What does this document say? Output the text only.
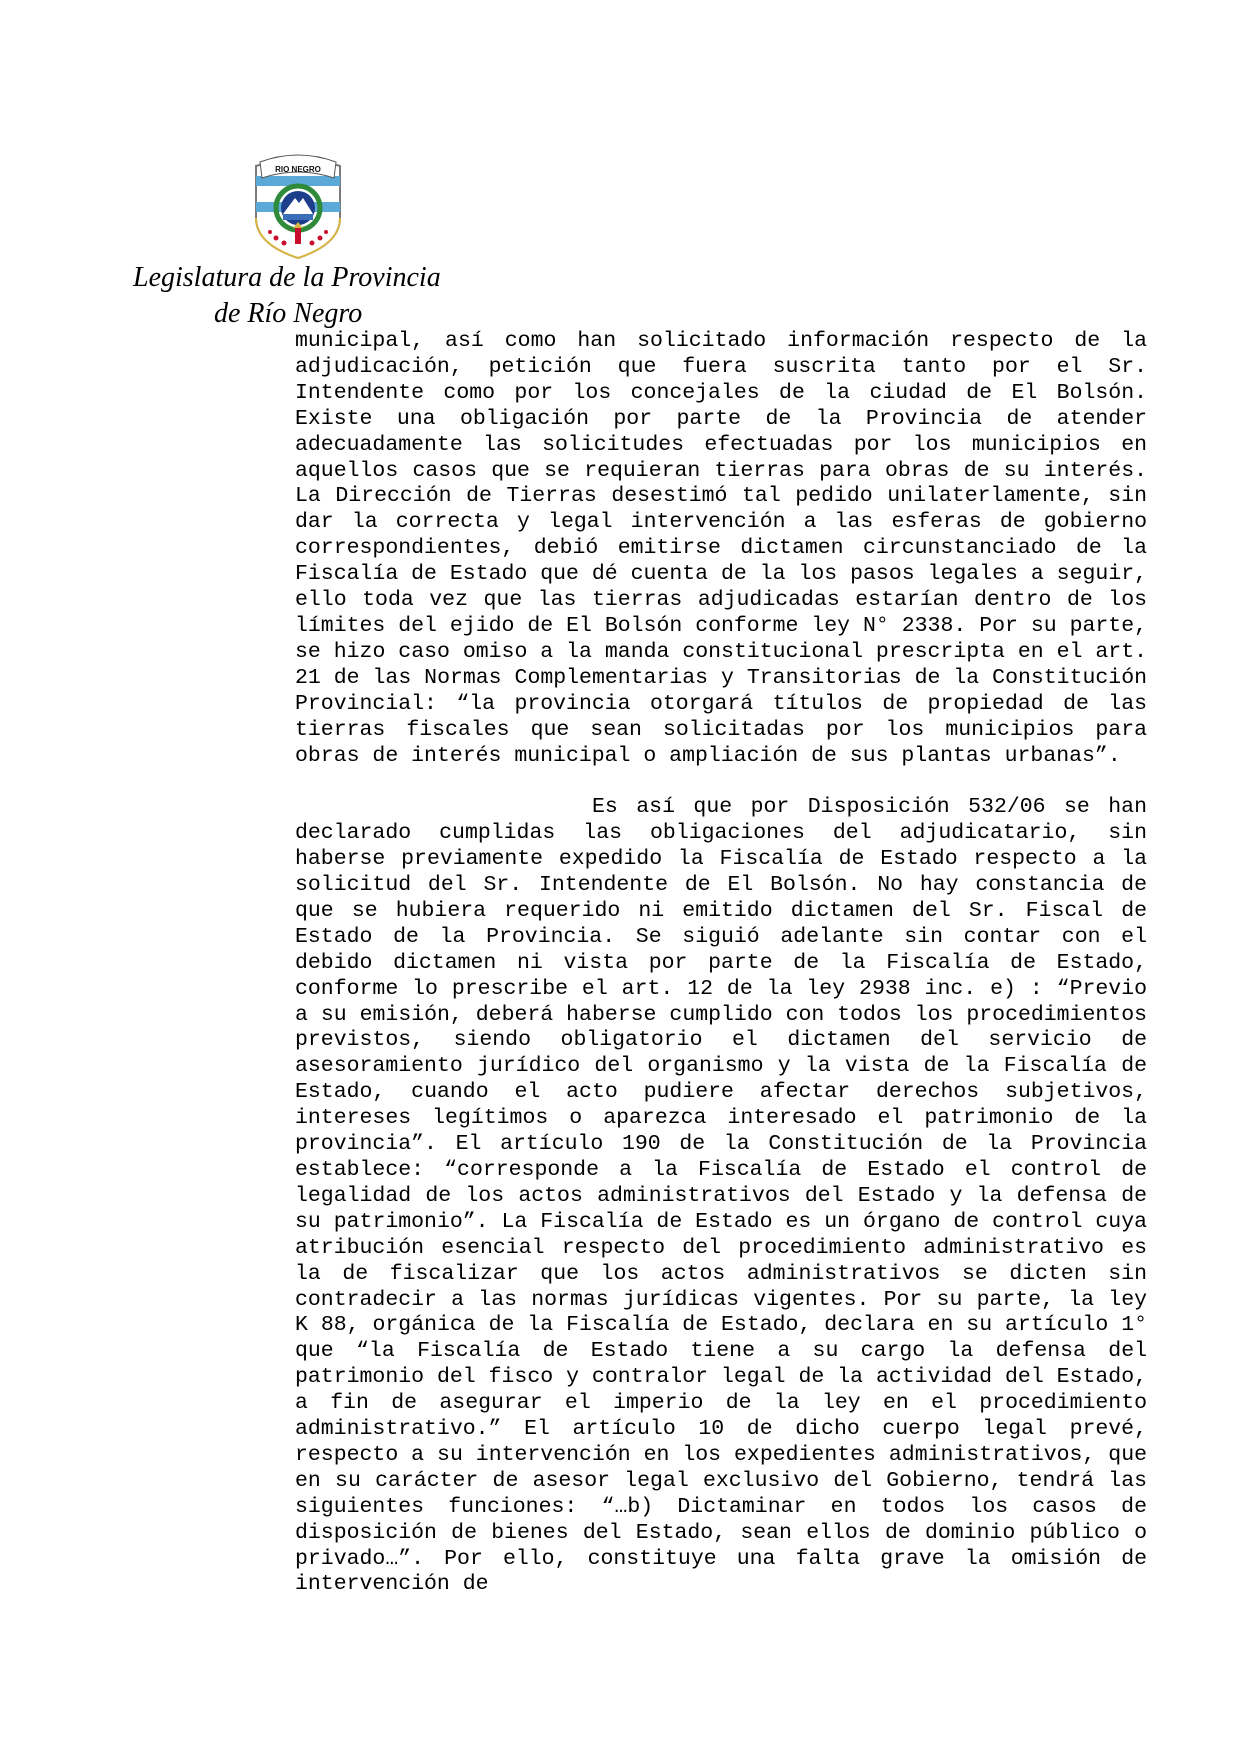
RIO NEGRO
Legislatura de la Provincia
de Río Negro

municipal, así como han solicitado información respecto de la adjudicación, petición que fuera suscrita tanto por el Sr. Intendente como por los concejales de la ciudad de El Bolsón. Existe una obligación por parte de la Provincia de atender adecuadamente las solicitudes efectuadas por los municipios en aquellos casos que se requieran tierras para obras de su interés. La Dirección de Tierras desestimó tal pedido unilaterlamente, sin dar la correcta y legal intervención a las esferas de gobierno correspondientes, debió emitirse dictamen circunstanciado de la Fiscalía de Estado que dé cuenta de la los pasos legales a seguir, ello toda vez que las tierras adjudicadas estarían dentro de los límites del ejido de El Bolsón conforme ley N° 2338. Por su parte, se hizo caso omiso a la manda constitucional prescripta en el art. 21 de las Normas Complementarias y Transitorias de la Constitución Provincial: “la provincia otorgará títulos de propiedad de las tierras fiscales que sean solicitadas por los municipios para obras de interés municipal o ampliación de sus plantas urbanas”.

Es así que por Disposición 532/06 se han declarado cumplidas las obligaciones del adjudicatario, sin haberse previamente expedido la Fiscalía de Estado respecto a la solicitud del Sr. Intendente de El Bolsón. No hay constancia de que se hubiera requerido ni emitido dictamen del Sr. Fiscal de Estado de la Provincia. Se siguió adelante sin contar con el debido dictamen ni vista por parte de la Fiscalía de Estado, conforme lo prescribe el art. 12 de la ley 2938 inc. e) : “Previo a su emisión, deberá haberse cumplido con todos los procedimientos previstos, siendo obligatorio el dictamen del servicio de asesoramiento jurídico del organismo y la vista de la Fiscalía de Estado, cuando el acto pudiere afectar derechos subjetivos, intereses legítimos o aparezca interesado el patrimonio de la provincia”. El artículo 190 de la Constitución de la Provincia establece: “corresponde a la Fiscalía de Estado el control de legalidad de los actos administrativos del Estado y la defensa de su patrimonio”. La Fiscalía de Estado es un órgano de control cuya atribución esencial respecto del procedimiento administrativo es la de fiscalizar que los actos administrativos se dicten sin contradecir a las normas jurídicas vigentes. Por su parte, la ley K 88, orgánica de la Fiscalía de Estado, declara en su artículo 1° que “la Fiscalía de Estado tiene a su cargo la defensa del patrimonio del fisco y contralor legal de la actividad del Estado, a fin de asegurar el imperio de la ley en el procedimiento administrativo.” El artículo 10 de dicho cuerpo legal prevé, respecto a su intervención en los expedientes administrativos, que en su carácter de asesor legal exclusivo del Gobierno, tendrá las siguientes funciones: “…b) Dictaminar en todos los casos de disposición de bienes del Estado, sean ellos de dominio público o privado…”. Por ello, constituye una falta grave la omisión de intervención de
